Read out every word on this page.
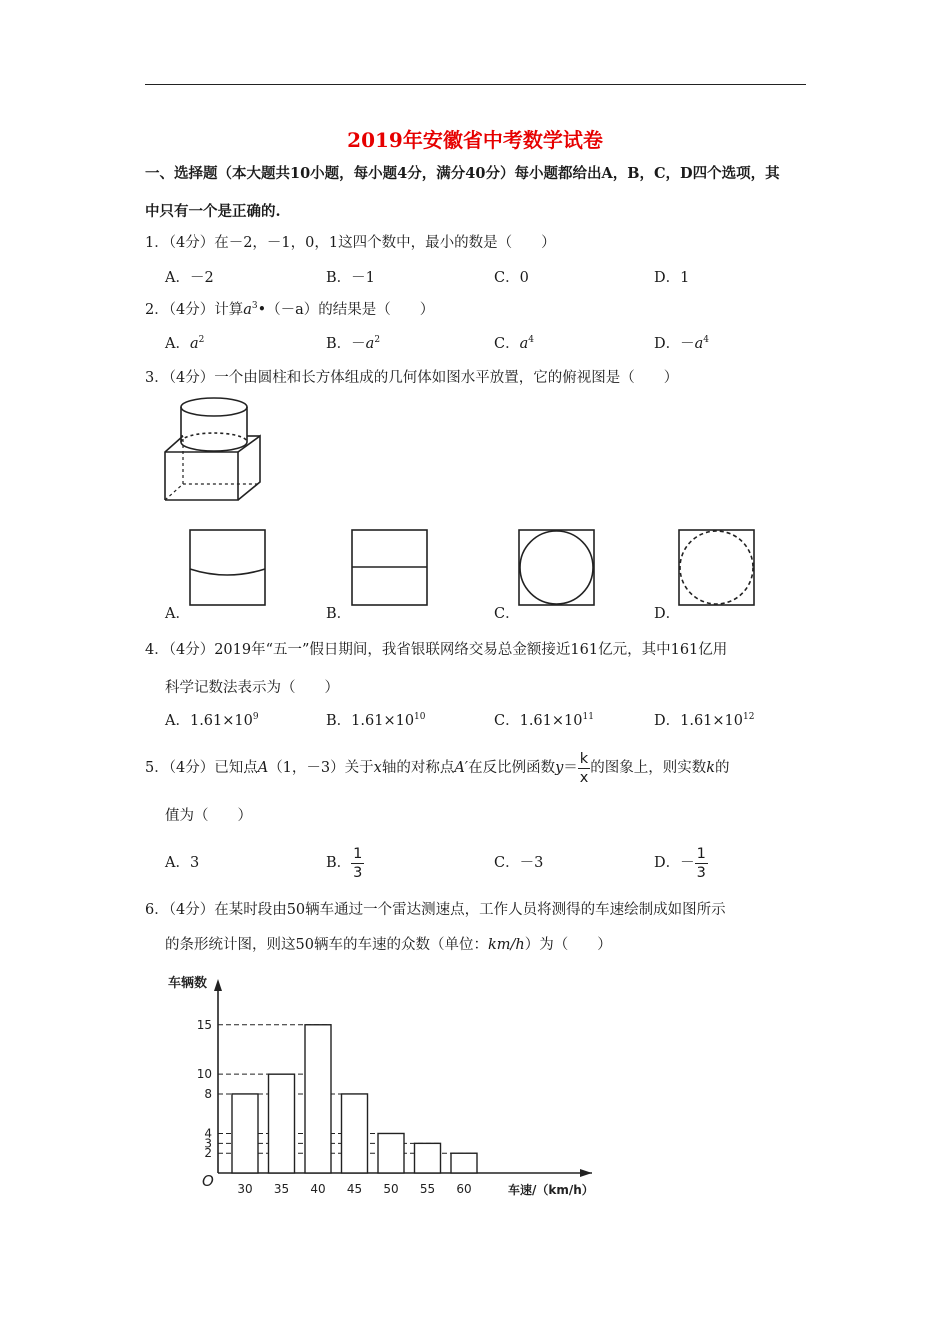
2019年安徽省中考数学试卷
一、选择题（本大题共10小题，每小题4分，满分40分）每小题都给出A，B，C，D四个选项，其
中只有一个是正确的.
1．（4分）在－2，－1，0，1这四个数中，最小的数是（　　）
A．－2	B．－1	C．0	D．1
2．（4分）计算$a^3•(-a)$的结果是（　　）
A．$a^2$	B．$-a^2$	C．$a^4$	D．$-a^4$
3．（4分）一个由圆柱和长方体组成的几何体如图水平放置，它的俯视图是（　　）
A．	B．	C．	D．
4．（4分）2019年“五一”假日期间，我省银联网络交易总金额接近161亿元，其中161亿用
科学记数法表示为（　　）
A．$1.61\times 10^9$	B．$1.61\times 10^{10}$	C．$1.61\times 10^{11}$	D．$1.61\times 10^{12}$
5．（4分）已知点A（1，－3）关于x轴的对称点A′在反比例函数$y= \frac{k}{x}$ 的图象上，则实数k的
值为（　　）
A．3	B． $\frac{1}{3}$	C．－3	D．－ $\frac{1}{3}$
6．（4分）在某时段由50辆车通过一个雷达测速点，工作人员将测得的车速绘制成如图所示
的条形统计图，则这50辆车的车速的众数（单位：km/h）为（　　）
车辆数
车速/（km/h）
O
2
3
4
8
10
15
30 35 40 45 50 55 60
